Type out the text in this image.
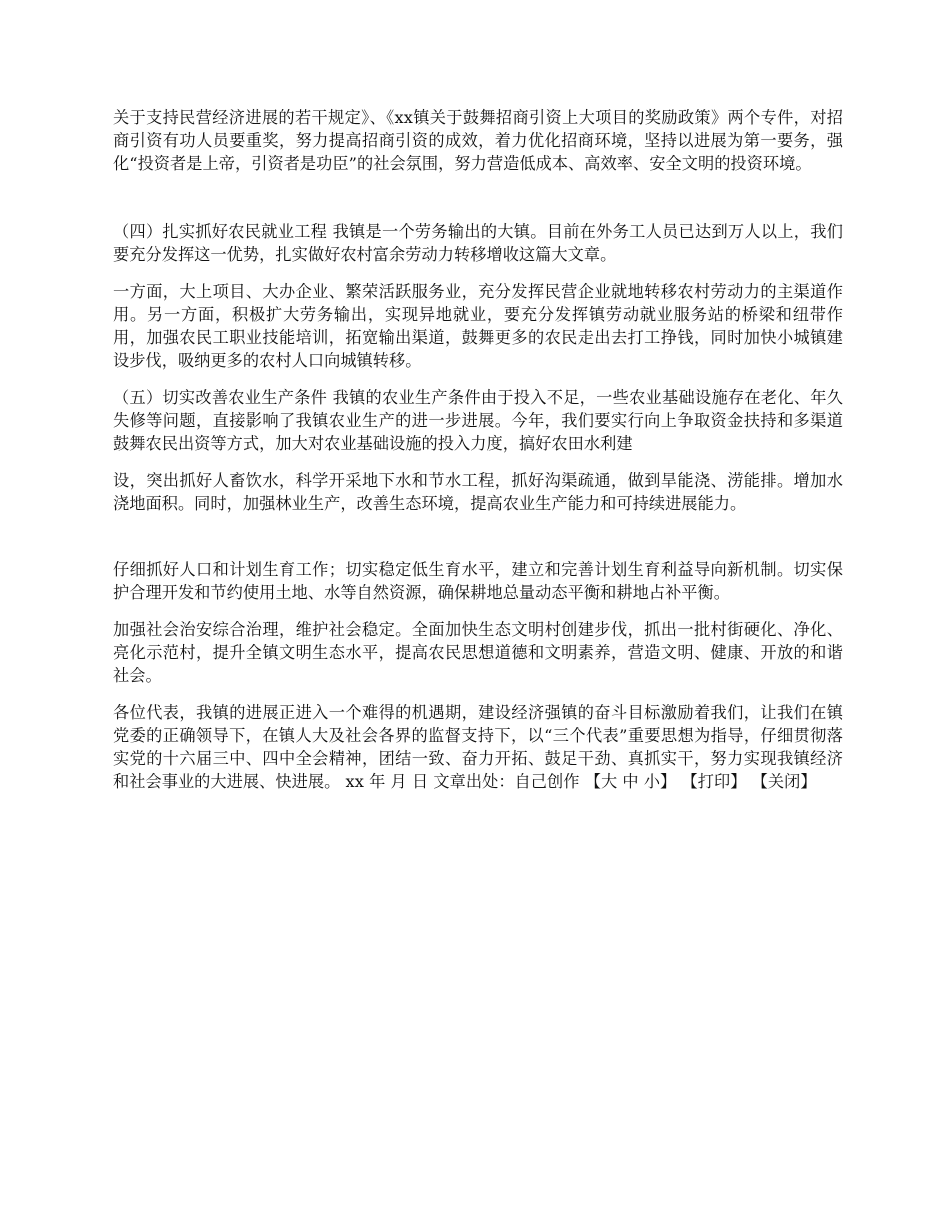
关于支持民营经济进展的若干规定》、《xx镇关于鼓舞招商引资上大项目的奖励政策》两个专件，对招商引资有功人员要重奖，努力提高招商引资的成效，着力优化招商环境，坚持以进展为第一要务，强化“投资者是上帝，引资者是功臣”的社会氛围，努力营造低成本、高效率、安全文明的投资环境。

（四）扎实抓好农民就业工程 我镇是一个劳务输出的大镇。目前在外务工人员已达到万人以上，我们要充分发挥这一优势，扎实做好农村富余劳动力转移增收这篇大文章。

一方面，大上项目、大办企业、繁荣活跃服务业，充分发挥民营企业就地转移农村劳动力的主渠道作用。另一方面，积极扩大劳务输出，实现异地就业，要充分发挥镇劳动就业服务站的桥梁和纽带作用，加强农民工职业技能培训，拓宽输出渠道，鼓舞更多的农民走出去打工挣钱，同时加快小城镇建设步伐，吸纳更多的农村人口向城镇转移。

（五）切实改善农业生产条件 我镇的农业生产条件由于投入不足，一些农业基础设施存在老化、年久失修等问题，直接影响了我镇农业生产的进一步进展。今年，我们要实行向上争取资金扶持和多渠道鼓舞农民出资等方式，加大对农业基础设施的投入力度，搞好农田水利建

设，突出抓好人畜饮水，科学开采地下水和节水工程，抓好沟渠疏通，做到旱能浇、涝能排。增加水浇地面积。同时，加强林业生产，改善生态环境，提高农业生产能力和可持续进展能力。

仔细抓好人口和计划生育工作；切实稳定低生育水平，建立和完善计划生育利益导向新机制。切实保护合理开发和节约使用土地、水等自然资源，确保耕地总量动态平衡和耕地占补平衡。

加强社会治安综合治理，维护社会稳定。全面加快生态文明村创建步伐，抓出一批村街硬化、净化、亮化示范村，提升全镇文明生态水平，提高农民思想道德和文明素养，营造文明、健康、开放的和谐社会。

各位代表，我镇的进展正进入一个难得的机遇期，建设经济强镇的奋斗目标激励着我们，让我们在镇党委的正确领导下，在镇人大及社会各界的监督支持下，以“三个代表”重要思想为指导，仔细贯彻落实党的十六届三中、四中全会精神，团结一致、奋力开拓、鼓足干劲、真抓实干，努力实现我镇经济和社会事业的大进展、快进展。 xx 年 月 日 文章出处：自己创作 【大 中 小】 【打印】 【关闭】
